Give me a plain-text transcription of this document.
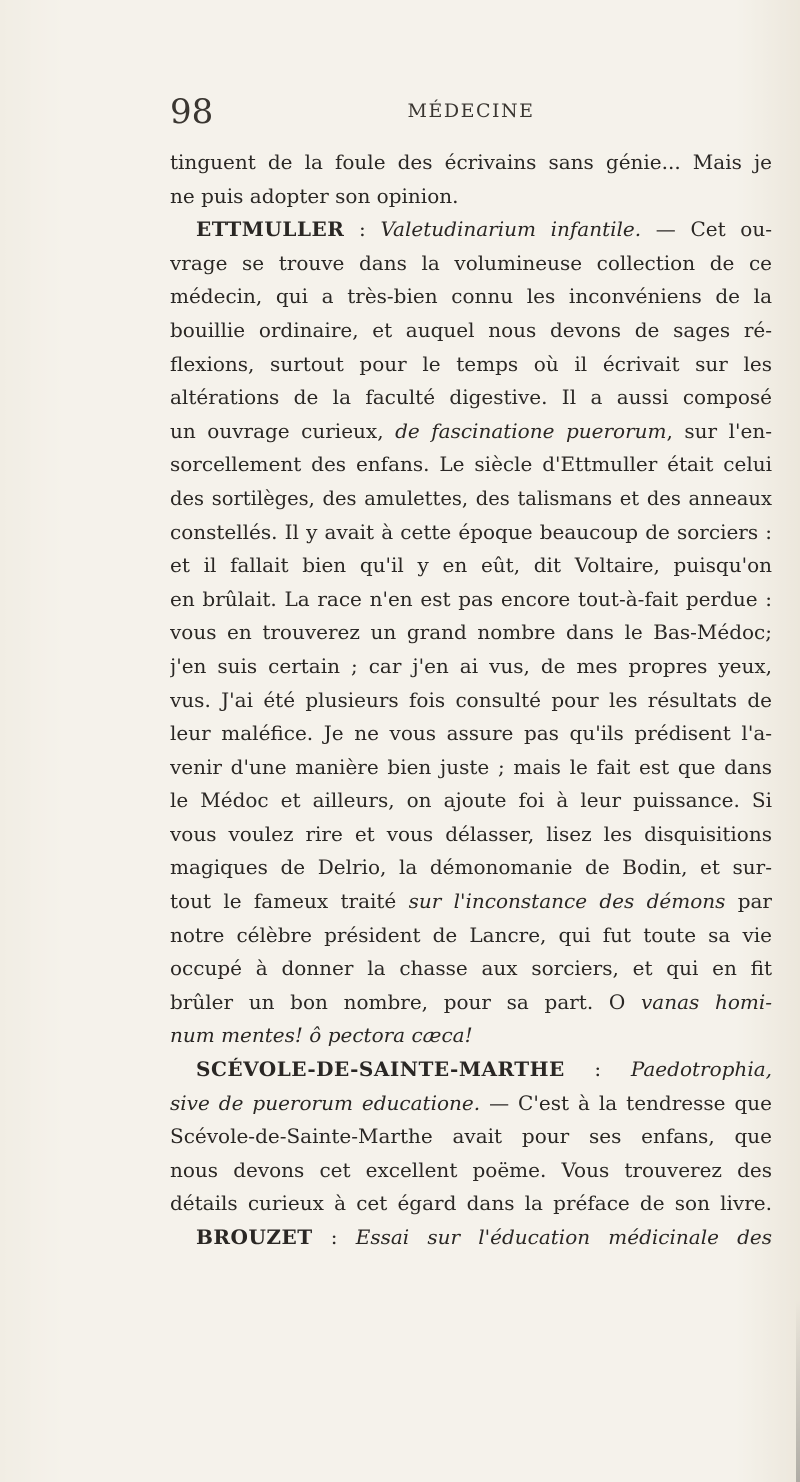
98	MÉDECINE
tinguent de la foule des écrivains sans génie... Mais je
ne puis adopter son opinion.
ETTMULLER : Valetudinarium infantile. — Cet ou-
vrage se trouve dans la volumineuse collection de ce
médecin, qui a très-bien connu les inconvéniens de la
bouillie ordinaire, et auquel nous devons de sages ré-
flexions, surtout pour le temps où il écrivait sur les
altérations de la faculté digestive. Il a aussi composé
un ouvrage curieux, de fascinatione puerorum, sur l'en-
sorcellement des enfans. Le siècle d'Ettmuller était celui
des sortilèges, des amulettes, des talismans et des anneaux
constellés. Il y avait à cette époque beaucoup de sorciers :
et il fallait bien qu'il y en eût, dit Voltaire, puisqu'on
en brûlait. La race n'en est pas encore tout-à-fait perdue :
vous en trouverez un grand nombre dans le Bas-Médoc;
j'en suis certain ; car j'en ai vus, de mes propres yeux,
vus. J'ai été plusieurs fois consulté pour les résultats de
leur maléfice. Je ne vous assure pas qu'ils prédisent l'a-
venir d'une manière bien juste ; mais le fait est que dans
le Médoc et ailleurs, on ajoute foi à leur puissance. Si
vous voulez rire et vous délasser, lisez les disquisitions
magiques de Delrio, la démonomanie de Bodin, et sur-
tout le fameux traité sur l'inconstance des démons par
notre célèbre président de Lancre, qui fut toute sa vie
occupé à donner la chasse aux sorciers, et qui en fit
brûler un bon nombre, pour sa part. O vanas homi-
num mentes! ô pectora cæca!
SCÉVOLE-DE-SAINTE-MARTHE : Paedotrophia,
sive de puerorum educatione. — C'est à la tendresse que
Scévole-de-Sainte-Marthe avait pour ses enfans, que
nous devons cet excellent poëme. Vous trouverez des
détails curieux à cet égard dans la préface de son livre.
BROUZET : Essai sur l'éducation médicinale des
